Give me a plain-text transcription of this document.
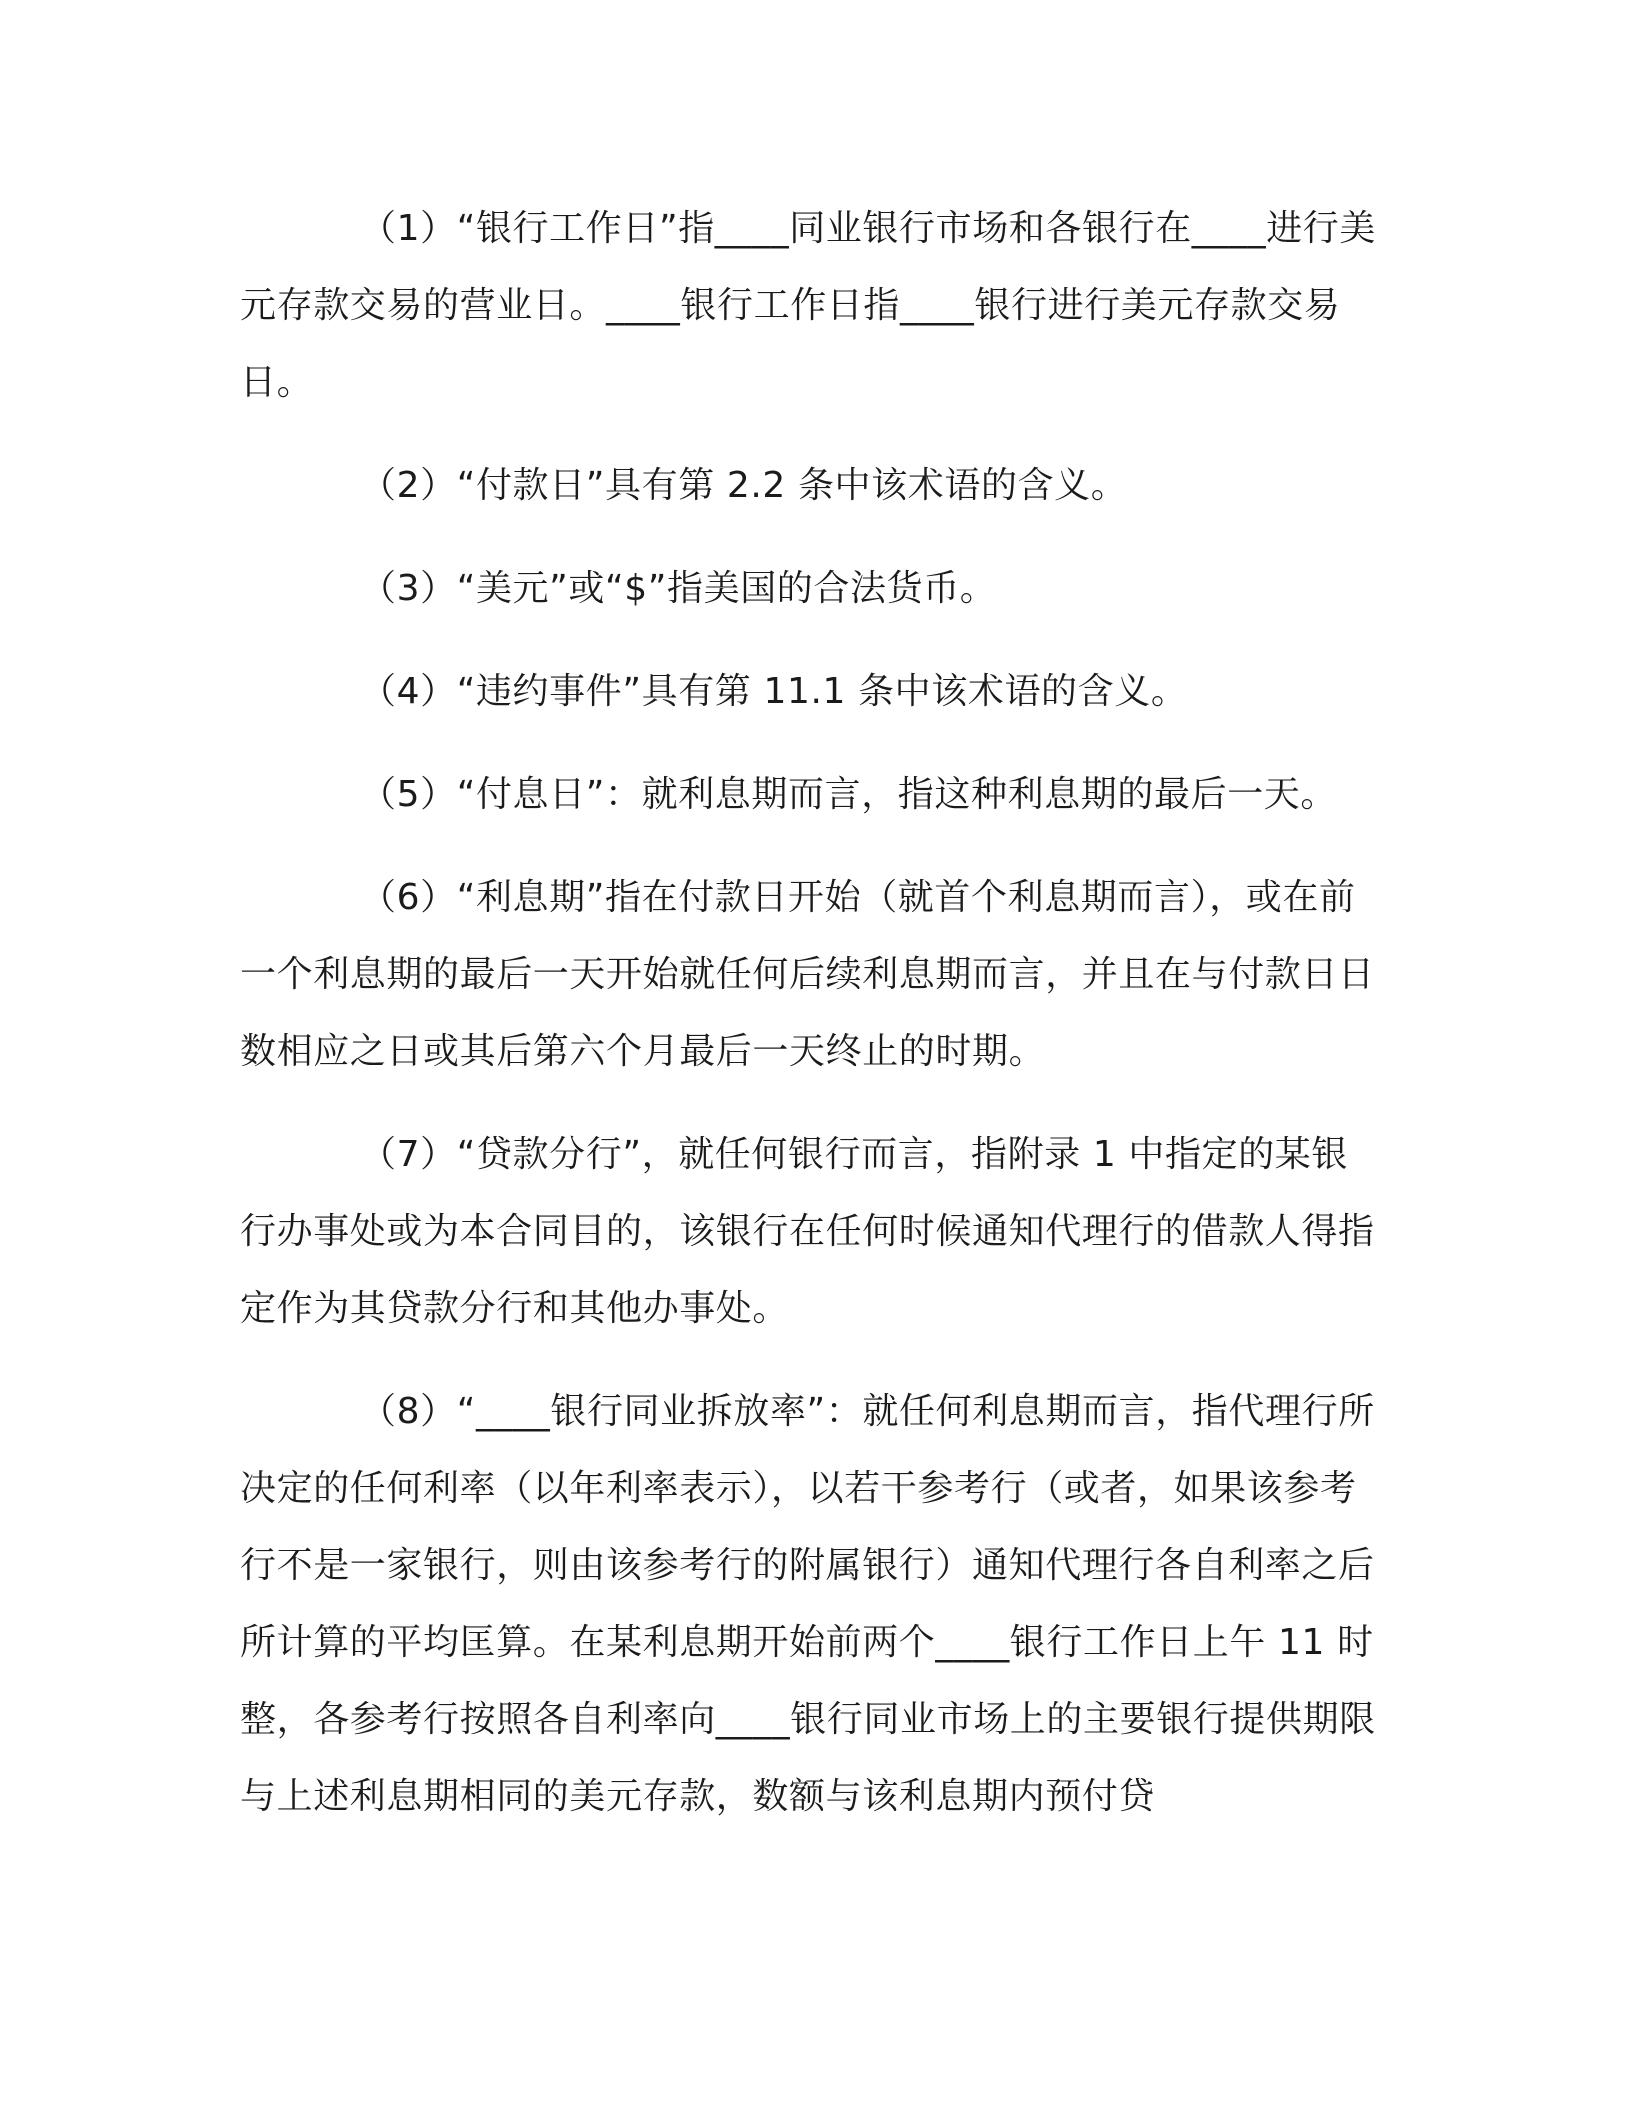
（1）“银行工作日”指____同业银行市场和各银行在____进行美元存款交易的营业日。____银行工作日指____银行进行美元存款交易日。

（2）“付款日”具有第 2.2 条中该术语的含义。

（3）“美元”或“$”指美国的合法货币。

（4）“违约事件”具有第 11.1 条中该术语的含义。

（5）“付息日”：就利息期而言，指这种利息期的最后一天。

（6）“利息期”指在付款日开始（就首个利息期而言），或在前一个利息期的最后一天开始就任何后续利息期而言，并且在与付款日日数相应之日或其后第六个月最后一天终止的时期。

（7）“贷款分行”，就任何银行而言，指附录 1 中指定的某银行办事处或为本合同目的，该银行在任何时候通知代理行的借款人得指定作为其贷款分行和其他办事处。

（8）“____银行同业拆放率”：就任何利息期而言，指代理行所决定的任何利率（以年利率表示），以若干参考行（或者，如果该参考行不是一家银行，则由该参考行的附属银行）通知代理行各自利率之后所计算的平均匡算。在某利息期开始前两个____银行工作日上午 11 时整，各参考行按照各自利率向____银行同业市场上的主要银行提供期限与上述利息期相同的美元存款，数额与该利息期内预付贷
